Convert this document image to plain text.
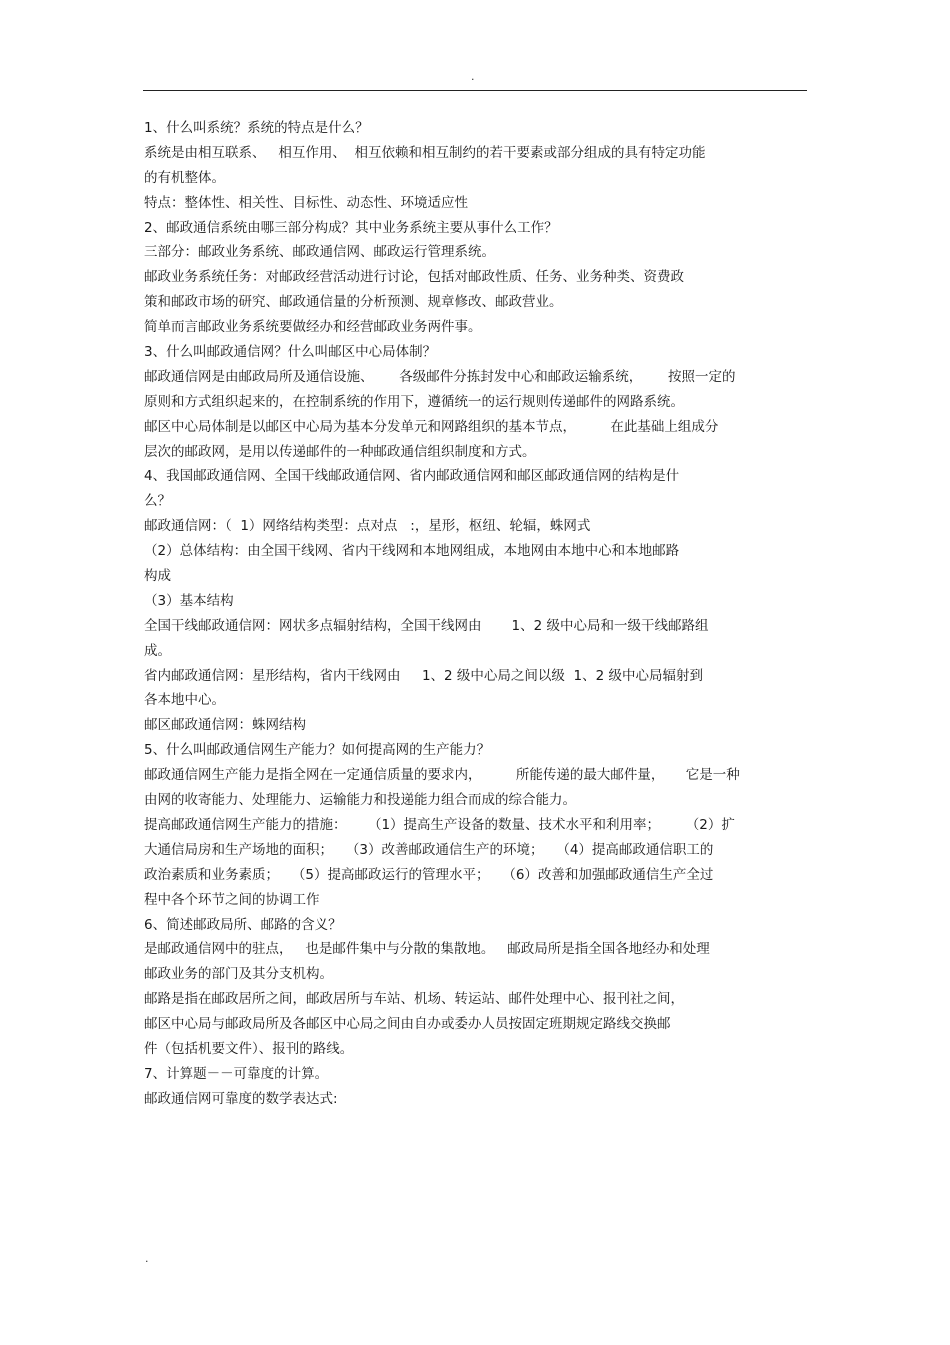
.
1、什么叫系统？系统的特点是什么？
系统是由相互联系、   相互作用、  相互依赖和相互制约的若干要素或部分组成的具有特定功能
的有机整体。
特点：整体性、相关性、目标性、动态性、环境适应性
2、邮政通信系统由哪三部分构成？其中业务系统主要从事什么工作？
三部分：邮政业务系统、邮政通信网、邮政运行管理系统。
邮政业务系统任务：对邮政经营活动进行讨论，包括对邮政性质、任务、业务种类、资费政
策和邮政市场的研究、邮政通信量的分析预测、规章修改、邮政营业。
简单而言邮政业务系统要做经办和经营邮政业务两件事。
3、什么叫邮政通信网？什么叫邮区中心局体制？
邮政通信网是由邮政局所及通信设施、      各级邮件分拣封发中心和邮政运输系统，      按照一定的
原则和方式组织起来的，在控制系统的作用下，遵循统一的运行规则传递邮件的网路系统。
邮区中心局体制是以邮区中心局为基本分发单元和网路组织的基本节点，        在此基础上组成分
层次的邮政网，是用以传递邮件的一种邮政通信组织制度和方式。
4、我国邮政通信网、全国干线邮政通信网、省内邮政通信网和邮区邮政通信网的结构是什
么？
邮政通信网：（  1）网络结构类型：点对点   :，星形，枢纽、轮辐，蛛网式
（2）总体结构：由全国干线网、省内干线网和本地网组成，本地网由本地中心和本地邮路
构成
（3）基本结构
全国干线邮政通信网：网状多点辐射结构，全国干线网由       1、2 级中心局和一级干线邮路组
成。
省内邮政通信网：星形结构，省内干线网由     1、2 级中心局之间以级  1、2 级中心局辐射到
各本地中心。
邮区邮政通信网：蛛网结构
5、什么叫邮政通信网生产能力？如何提高网的生产能力？
邮政通信网生产能力是指全网在一定通信质量的要求内，        所能传递的最大邮件量，     它是一种
由网的收寄能力、处理能力、运输能力和投递能力组合而成的综合能力。
提高邮政通信网生产能力的措施：     （1）提高生产设备的数量、技术水平和利用率；      （2）扩
大通信局房和生产场地的面积；   （3）改善邮政通信生产的环境；   （4）提高邮政通信职工的
政治素质和业务素质；   （5）提高邮政运行的管理水平；   （6）改善和加强邮政通信生产全过
程中各个环节之间的协调工作
6、简述邮政局所、邮路的含义？
是邮政通信网中的驻点，   也是邮件集中与分散的集散地。   邮政局所是指全国各地经办和处理
邮政业务的部门及其分支机构。
邮路是指在邮政居所之间，邮政居所与车站、机场、转运站、邮件处理中心、报刊社之间，
邮区中心局与邮政局所及各邮区中心局之间由自办或委办人员按固定班期规定路线交换邮
件（包括机要文件）、报刊的路线。
7、计算题－－可靠度的计算。
邮政通信网可靠度的数学表达式:
.
